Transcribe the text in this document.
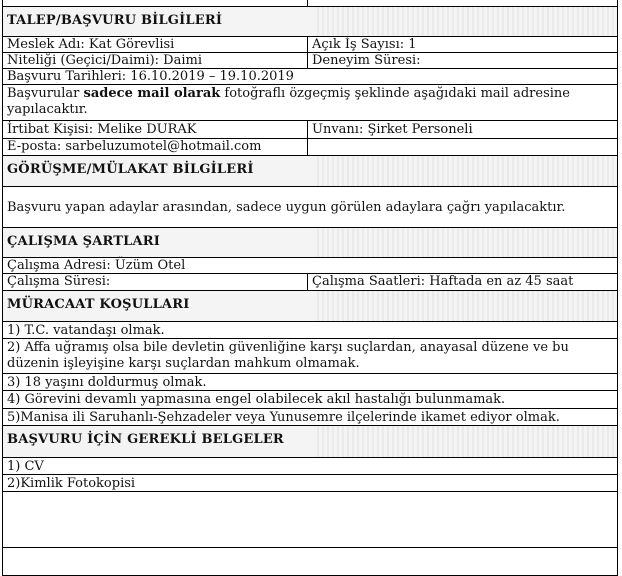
TALEP/BAŞVURU BİLGİLERİ
Meslek Adı: Kat Görevlisi	Açık İş Sayısı: 1
Niteliği (Geçici/Daimi): Daimi	Deneyim Süresi:
Başvuru Tarihleri: 16.10.2019 – 19.10.2019
Başvurular sadece mail olarak fotoğraflı özgeçmiş şeklinde aşağıdaki mail adresine yapılacaktır.
İrtibat Kişisi: Melike DURAK	Unvanı: Şirket Personeli
E-posta: sarbeluzumotel@hotmail.com
GÖRÜŞME/MÜLAKAT BİLGİLERİ
Başvuru yapan adaylar arasından, sadece uygun görülen adaylara çağrı yapılacaktır.
ÇALIŞMA ŞARTLARI
Çalışma Adresi: Üzüm Otel
Çalışma Süresi:	Çalışma Saatleri: Haftada en az 45 saat
MÜRACAAT KOŞULLARI
1) T.C. vatandaşı olmak.
2) Affa uğramış olsa bile devletin güvenliğine karşı suçlardan, anayasal düzene ve bu düzenin işleyişine karşı suçlardan mahkum olmamak.
3) 18 yaşını doldurmuş olmak.
4) Görevini devamlı yapmasına engel olabilecek akıl hastalığı bulunmamak.
5)Manisa ili Saruhanlı-Şehzadeler veya Yunusemre ilçelerinde ikamet ediyor olmak.
BAŞVURU İÇİN GEREKLİ BELGELER
1) CV
2)Kimlik Fotokopisi
